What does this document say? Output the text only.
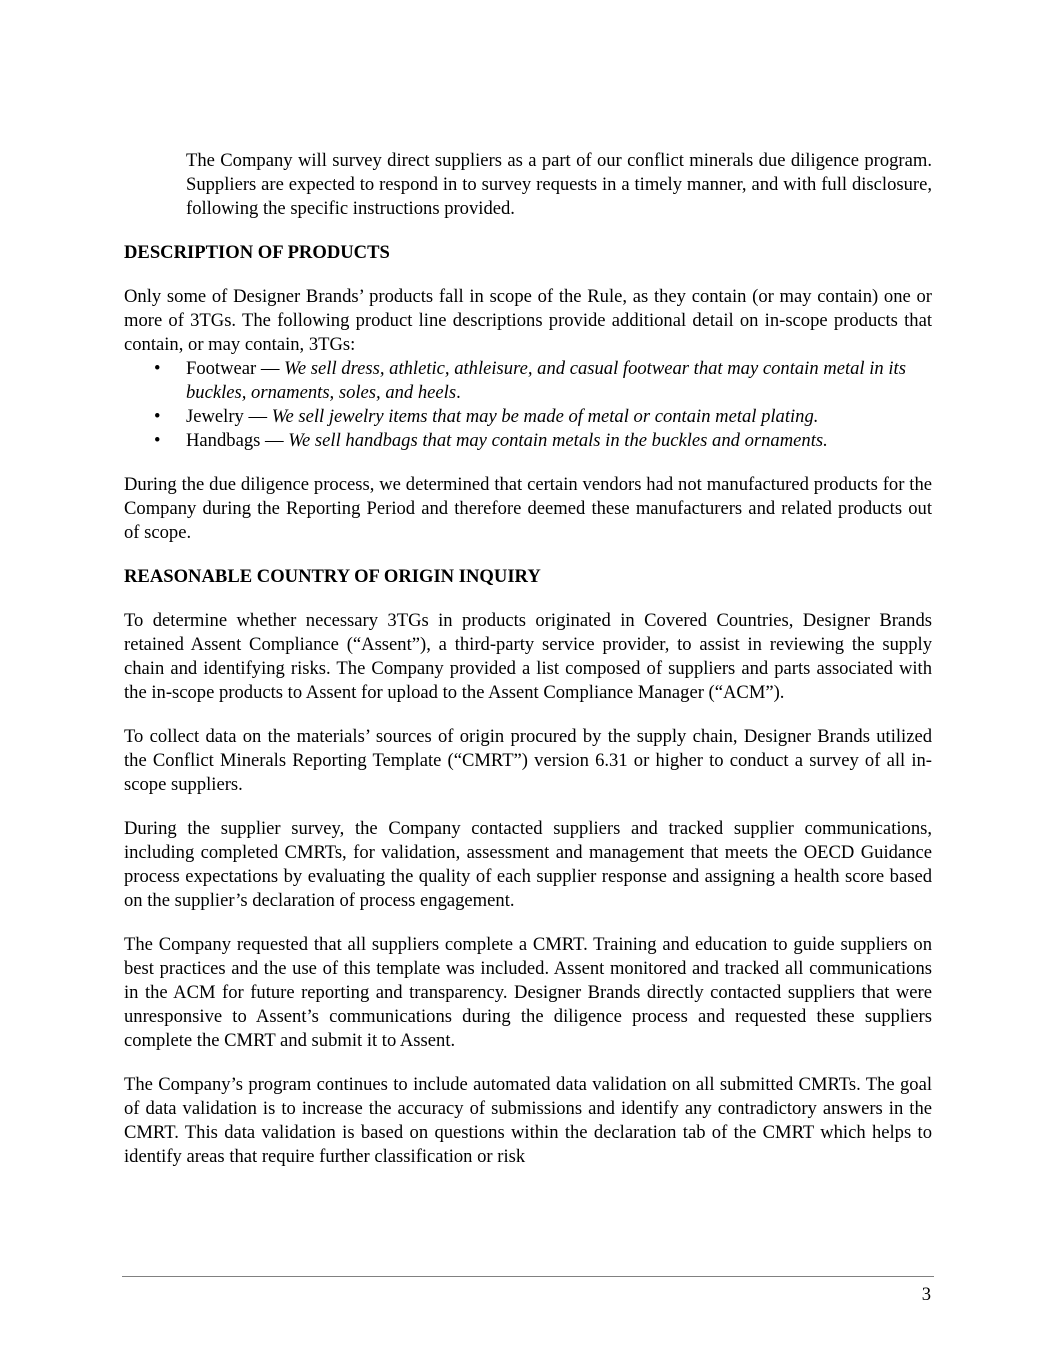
The Company will survey direct suppliers as a part of our conflict minerals due diligence program. Suppliers are expected to respond in to survey requests in a timely manner, and with full disclosure, following the specific instructions provided.

DESCRIPTION OF PRODUCTS

Only some of Designer Brands’ products fall in scope of the Rule, as they contain (or may contain) one or more of 3TGs. The following product line descriptions provide additional detail on in-scope products that contain, or may contain, 3TGs:

• Footwear — We sell dress, athletic, athleisure, and casual footwear that may contain metal in its buckles, ornaments, soles, and heels.
• Jewelry — We sell jewelry items that may be made of metal or contain metal plating.
• Handbags — We sell handbags that may contain metals in the buckles and ornaments.

During the due diligence process, we determined that certain vendors had not manufactured products for the Company during the Reporting Period and therefore deemed these manufacturers and related products out of scope.

REASONABLE COUNTRY OF ORIGIN INQUIRY

To determine whether necessary 3TGs in products originated in Covered Countries, Designer Brands retained Assent Compliance (“Assent”), a third-party service provider, to assist in reviewing the supply chain and identifying risks. The Company provided a list composed of suppliers and parts associated with the in-scope products to Assent for upload to the Assent Compliance Manager (“ACM”).

To collect data on the materials’ sources of origin procured by the supply chain, Designer Brands utilized the Conflict Minerals Reporting Template (“CMRT”) version 6.31 or higher to conduct a survey of all in-scope suppliers.

During the supplier survey, the Company contacted suppliers and tracked supplier communications, including completed CMRTs, for validation, assessment and management that meets the OECD Guidance process expectations by evaluating the quality of each supplier response and assigning a health score based on the supplier’s declaration of process engagement.

The Company requested that all suppliers complete a CMRT. Training and education to guide suppliers on best practices and the use of this template was included. Assent monitored and tracked all communications in the ACM for future reporting and transparency. Designer Brands directly contacted suppliers that were unresponsive to Assent’s communications during the diligence process and requested these suppliers complete the CMRT and submit it to Assent.

The Company’s program continues to include automated data validation on all submitted CMRTs. The goal of data validation is to increase the accuracy of submissions and identify any contradictory answers in the CMRT. This data validation is based on questions within the declaration tab of the CMRT which helps to identify areas that require further classification or risk

3
